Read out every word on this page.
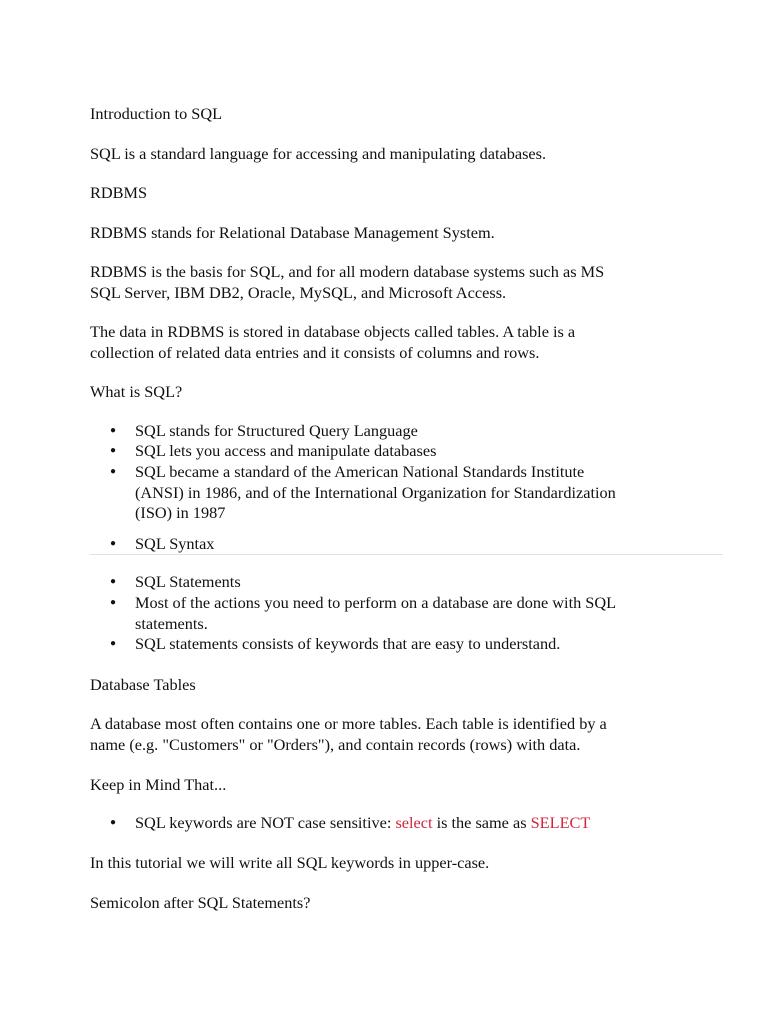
Introduction to SQL

SQL is a standard language for accessing and manipulating databases.

RDBMS

RDBMS stands for Relational Database Management System.

RDBMS is the basis for SQL, and for all modern database systems such as MS

SQL Server, IBM DB2, Oracle, MySQL, and Microsoft Access.

The data in RDBMS is stored in database objects called tables. A table is a

collection of related data entries and it consists of columns and rows.

What is SQL?

● SQL stands for Structured Query Language
● SQL lets you access and manipulate databases
● SQL became a standard of the American National Standards Institute
(ANSI) in 1986, and of the International Organization for Standardization
(ISO) in 1987
● SQL Syntax
● SQL Statements
● Most of the actions you need to perform on a database are done with SQL
statements.
● SQL statements consists of keywords that are easy to understand.

Database Tables

A database most often contains one or more tables. Each table is identified by a

name (e.g. "Customers" or "Orders"), and contain records (rows) with data.

Keep in Mind That...

● SQL keywords are NOT case sensitive: select is the same as SELECT

In this tutorial we will write all SQL keywords in upper-case.

Semicolon after SQL Statements?
